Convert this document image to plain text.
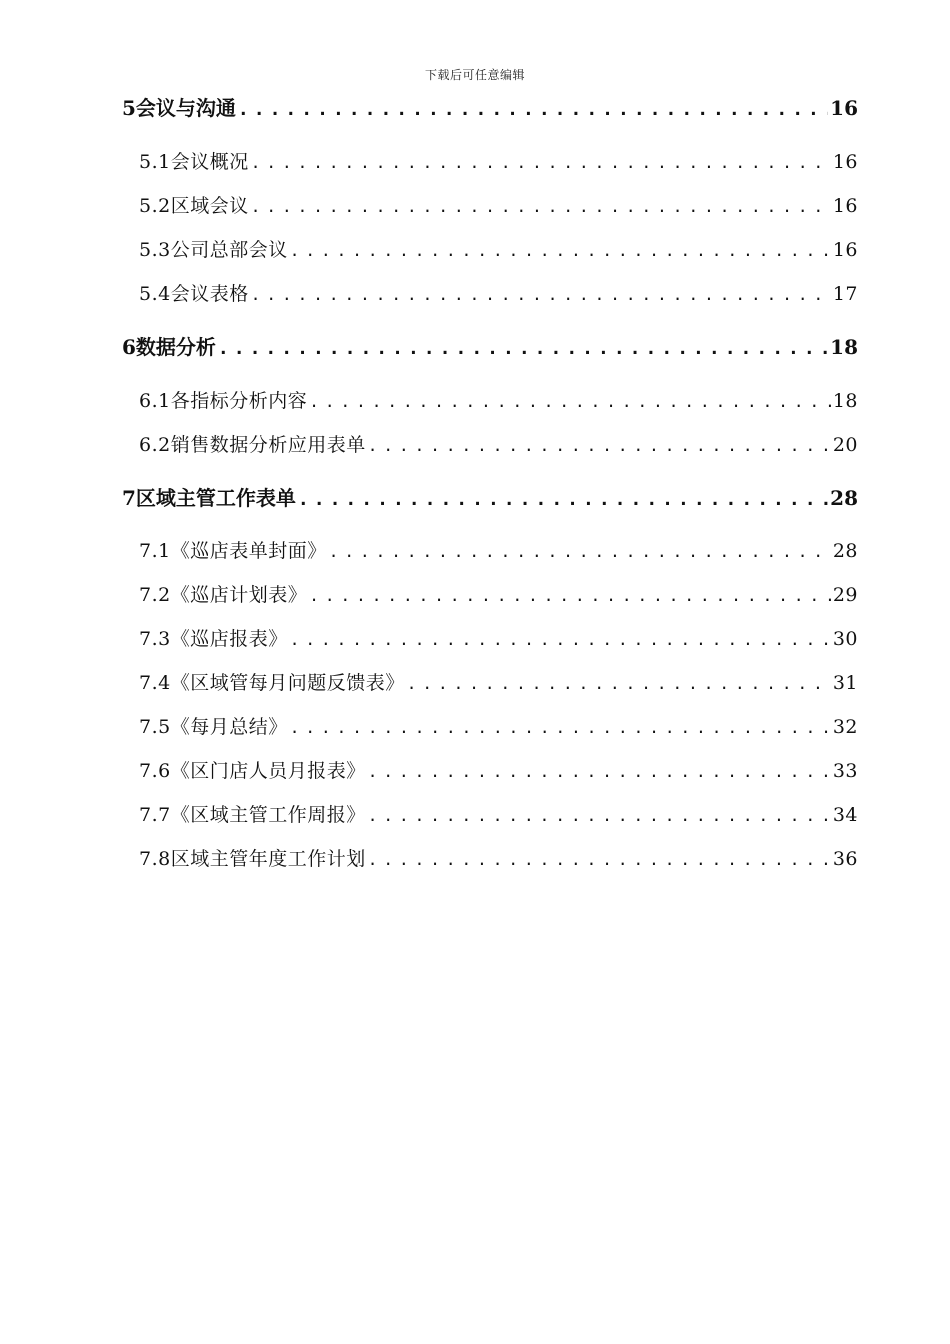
下载后可任意编辑
5会议与沟通 .....	16
5.1会议概况 .....	16
5.2区域会议 .....	16
5.3公司总部会议 .....	16
5.4会议表格 .....	17
6数据分析 .....	18
6.1各指标分析内容 .....	18
6.2销售数据分析应用表单 .....	20
7区域主管工作表单 .....	28
7.1《巡店表单封面》 .....	28
7.2《巡店计划表》 .....	29
7.3《巡店报表》 .....	30
7.4《区域管每月问题反馈表》 .....	31
7.5《每月总结》 .....	32
7.6《区门店人员月报表》 .....	33
7.7《区域主管工作周报》 .....	34
7.8区域主管年度工作计划 .....	36
